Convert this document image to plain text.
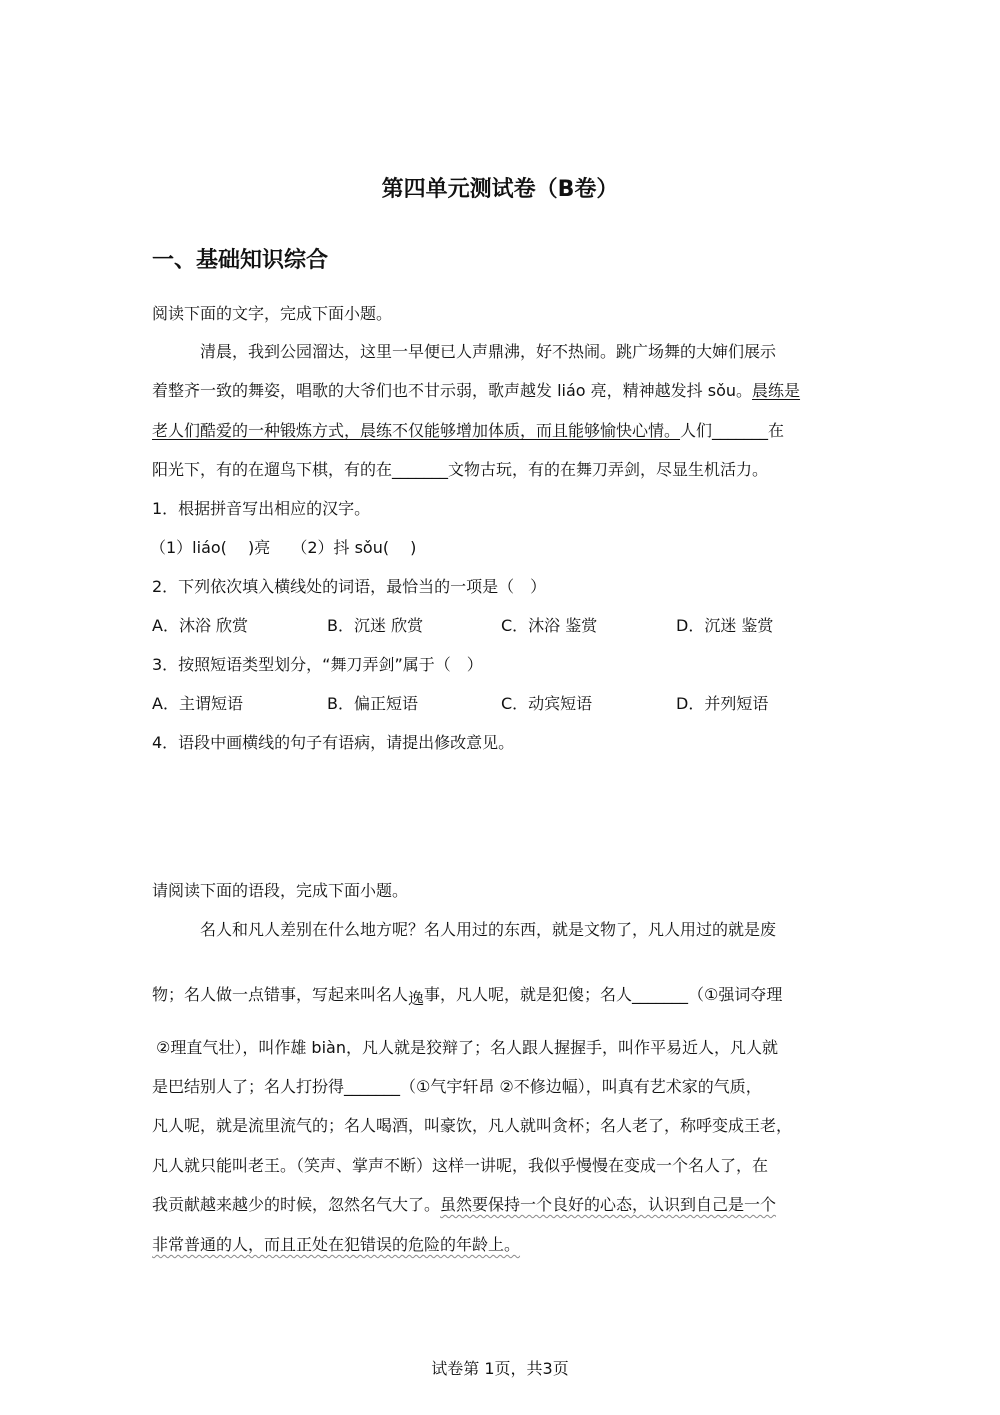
第四单元测试卷（B卷）
一、基础知识综合
阅读下面的文字，完成下面小题。
清晨，我到公园溜达，这里一早便已人声鼎沸，好不热闹。跳广场舞的大婶们展示
着整齐一致的舞姿，唱歌的大爷们也不甘示弱，歌声越发 liáo 亮，精神越发抖 sǒu。晨练是
老人们酷爱的一种锻炼方式，晨练不仅能够增加体质，而且能够愉快心情。人们_______在
阳光下，有的在遛鸟下棋，有的在_______文物古玩，有的在舞刀弄剑，尽显生机活力。
1．根据拼音写出相应的汉字。
（1）liáo(　 )亮　 （2）抖 sǒu(　 )
2．下列依次填入横线处的词语，最恰当的一项是（　）
A．沐浴 欣赏	B．沉迷 欣赏	C．沐浴 鉴赏	D．沉迷 鉴赏
3．按照短语类型划分，“舞刀弄剑”属于（　）
A．主谓短语	B．偏正短语	C．动宾短语	D．并列短语
4．语段中画横线的句子有语病，请提出修改意见。
请阅读下面的语段，完成下面小题。
名人和凡人差别在什么地方呢？名人用过的东西，就是文物了，凡人用过的就是废
物；名人做一点错事，写起来叫名人逸事，凡人呢，就是犯傻；名人_______（①强词夺理
②理直气壮），叫作雄 biàn，凡人就是狡辩了；名人跟人握握手，叫作平易近人，凡人就
是巴结别人了；名人打扮得_______（①气宇轩昂 ②不修边幅），叫真有艺术家的气质，
凡人呢，就是流里流气的；名人喝酒，叫豪饮，凡人就叫贪杯；名人老了，称呼变成王老，
凡人就只能叫老王。（笑声、掌声不断）这样一讲呢，我似乎慢慢在变成一个名人了，在
我贡献越来越少的时候，忽然名气大了。虽然要保持一个良好的心态，认识到自己是一个
非常普通的人，而且正处在犯错误的危险的年龄上。
试卷第 1页，共3页
